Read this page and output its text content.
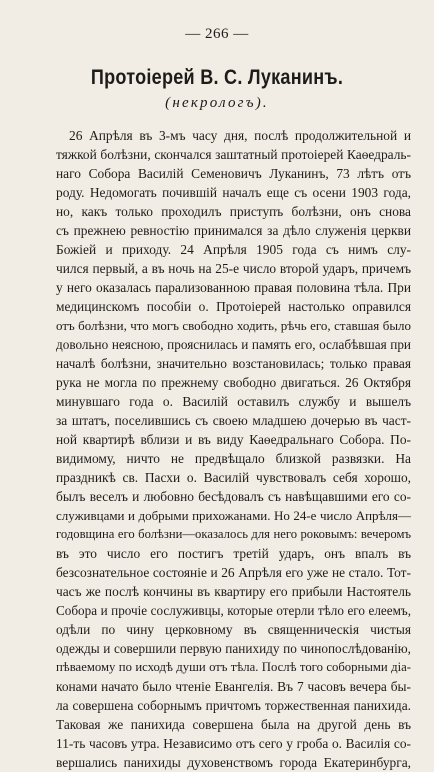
— 266 —
Протоіерей В. С. Луканинъ.
(некрологъ).
26 Апрѣля въ 3-мъ часу дня, послѣ продолжительной и
тяжкой болѣзни, скончался заштатный протоіерей Каѳедраль-
наго Собора Василій Семеновичъ Луканинъ, 73 лѣтъ отъ
роду. Недомогать почившій началъ еще съ осени 1903 года,
но, какъ только проходилъ приступъ болѣзни, онъ снова
съ прежнею ревностію принимался за дѣло служенія церкви
Божіей и приходу. 24 Апрѣля 1905 года съ нимъ слу-
чился первый, а въ ночь на 25-е число второй ударъ, причемъ
у него оказалась парализованною правая половина тѣла. При
медицинскомъ пособіи о. Протоіерей настолько оправился
отъ болѣзни, что могъ свободно ходить, рѣчь его, ставшая было
довольно неясною, прояснилась и память его, ослабѣвшая при
началѣ болѣзни, значительно возстановилась; только правая
рука не могла по прежнему свободно двигаться. 26 Октября
минувшаго года о. Василій оставилъ службу и вышелъ
за штатъ, поселившись съ своею младшею дочерью въ част-
ной квартирѣ вблизи и въ виду Каѳедральнаго Собора. По-
видимому, ничто не предвѣщало близкой развязки. На
праздникѣ св. Пасхи о. Василій чувствовалъ себя хорошо,
былъ веселъ и любовно бесѣдовалъ съ навѣщавшими его со-
служивцами и добрыми прихожанами. Но 24-е число Апрѣля—
годовщина его болѣзни—оказалось для него роковымъ: вечеромъ
въ это число его постигъ третій ударъ, онъ впалъ въ
безсознательное состояніе и 26 Апрѣля его уже не стало. Тот-
часъ же послѣ кончины въ квартиру его прибыли Настоятель
Собора и прочіе сослуживцы, которые отерли тѣло его елеемъ,
одѣли по чину церковному въ священническія чистыя
одежды и совершили первую панихиду по чинопослѣдованію,
пѣваемому по исходѣ души отъ тѣла. Послѣ того соборными діа-
конами начато было чтеніе Евангелія. Въ 7 часовъ вечера бы-
ла совершена соборнымъ причтомъ торжественная панихида.
Таковая же панихида совершена была на другой день въ
11-ть часовъ утра. Независимо отъ сего у гроба о. Василія со-
вершались панихиды духовенствомъ города Екатеринбурга,
